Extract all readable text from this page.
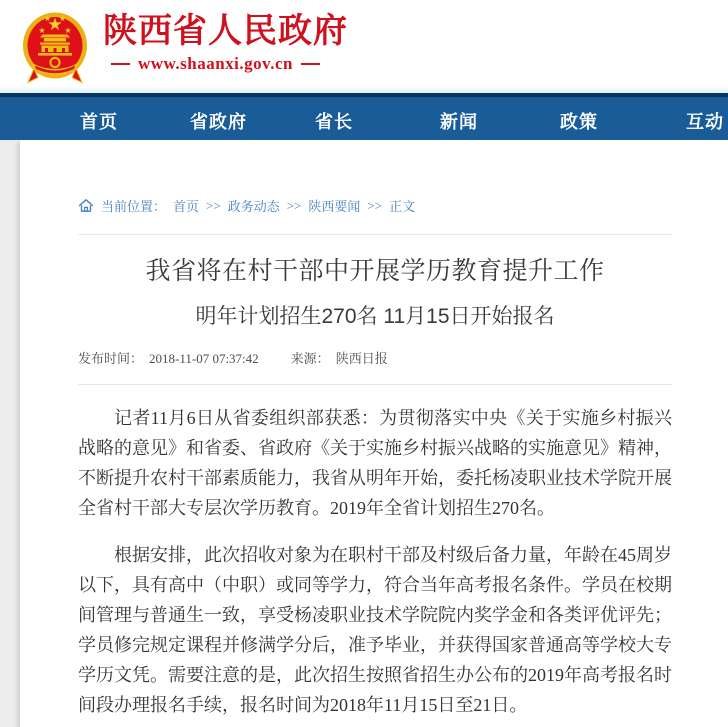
陕西省人民政府
www.shaanxi.gov.cn
首页	省政府	省长	新闻	政策	互动
当前位置： 首页 >> 政务动态 >> 陕西要闻 >> 正文
我省将在村干部中开展学历教育提升工作
明年计划招生270名 11月15日开始报名
发布时间： 2018-11-07 07:37:42 来源： 陕西日报

记者11月6日从省委组织部获悉：为贯彻落实中央《关于实施乡村振兴战略的意见》和省委、省政府《关于实施乡村振兴战略的实施意见》精神，不断提升农村干部素质能力，我省从明年开始，委托杨凌职业技术学院开展全省村干部大专层次学历教育。2019年全省计划招生270名。

根据安排，此次招收对象为在职村干部及村级后备力量，年龄在45周岁以下，具有高中（中职）或同等学力，符合当年高考报名条件。学员在校期间管理与普通生一致，享受杨凌职业技术学院院内奖学金和各类评优评先；学员修完规定课程并修满学分后，准予毕业，并获得国家普通高等学校大专学历文凭。需要注意的是，此次招生按照省招生办公布的2019年高考报名时间段办理报名手续，报名时间为2018年11月15日至21日。
